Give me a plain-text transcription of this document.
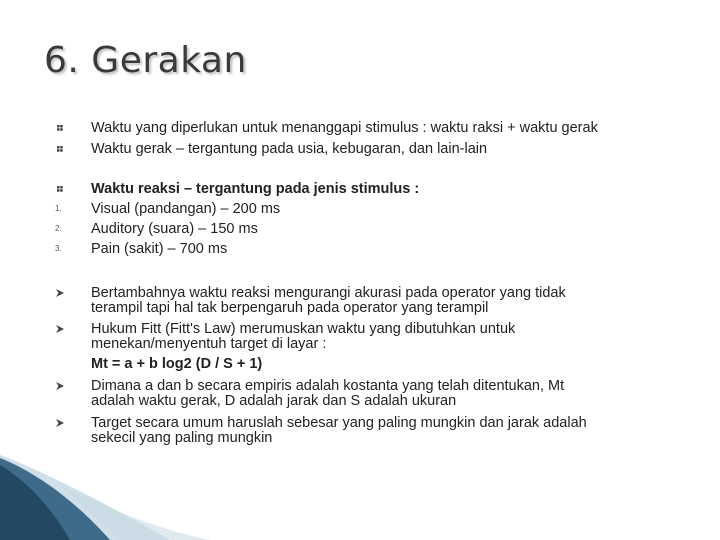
6. Gerakan
Waktu yang diperlukan untuk menanggapi stimulus : waktu raksi + waktu gerak
Waktu gerak – tergantung pada usia, kebugaran, dan lain-lain
Waktu reaksi – tergantung pada jenis stimulus :
1.	Visual (pandangan) – 200 ms
2.	Auditory (suara) – 150 ms
3.	Pain (sakit) – 700 ms
Bertambahnya waktu reaksi mengurangi akurasi pada operator yang tidak
terampil tapi hal tak berpengaruh pada operator yang terampil
Hukum Fitt (Fitt's Law) merumuskan waktu yang dibutuhkan untuk
menekan/menyentuh target di layar :
Mt = a + b log2 (D / S + 1)
Dimana a dan b secara empiris adalah kostanta yang telah ditentukan, Mt
adalah waktu gerak, D adalah jarak dan S adalah ukuran
Target secara umum haruslah sebesar yang paling mungkin dan jarak adalah
sekecil yang paling mungkin
